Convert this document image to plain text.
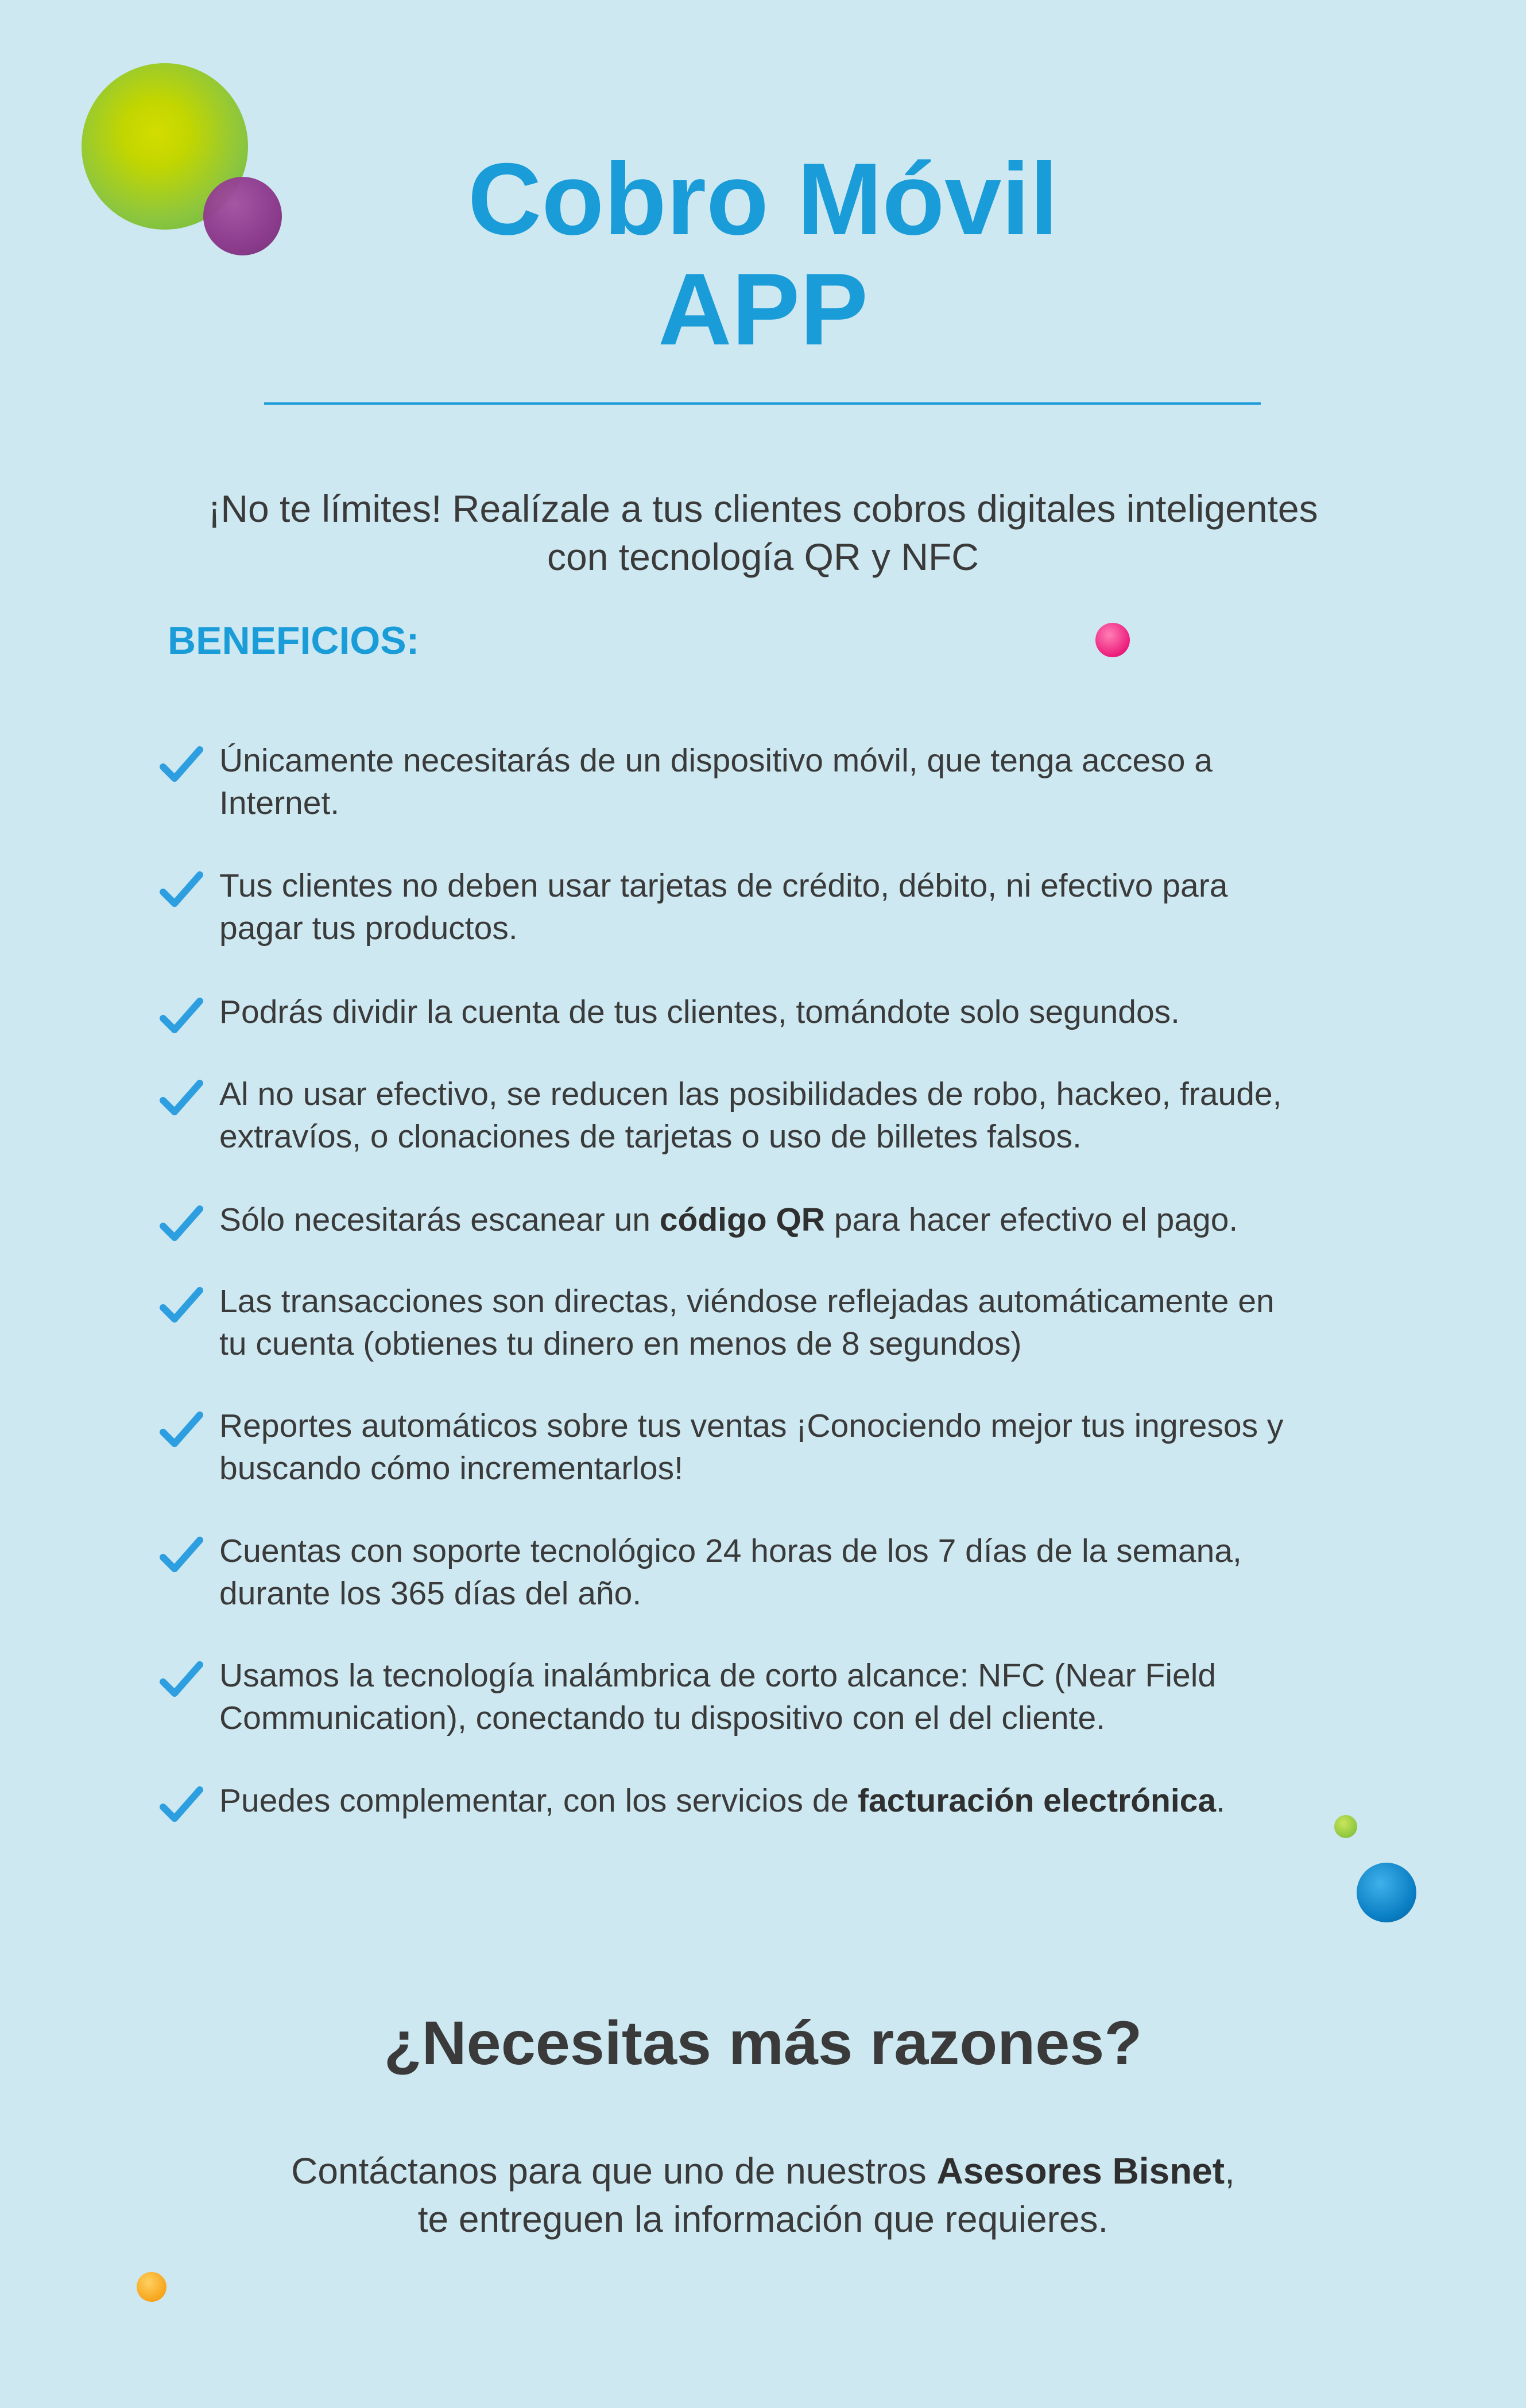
Cobro Móvil
APP
¡No te límites! Realízale a tus clientes cobros digitales inteligentes
con tecnología QR y NFC
BENEFICIOS:
Únicamente necesitarás de un dispositivo móvil, que tenga acceso a
Internet.
Tus clientes no deben usar tarjetas de crédito, débito, ni efectivo para
pagar tus productos.
Podrás dividir la cuenta de tus clientes, tomándote solo segundos.
Al no usar efectivo, se reducen las posibilidades de robo, hackeo, fraude,
extravíos, o clonaciones de tarjetas o uso de billetes falsos.
Sólo necesitarás escanear un código QR para hacer efectivo el pago.
Las transacciones son directas, viéndose reflejadas automáticamente en
tu cuenta (obtienes tu dinero en menos de 8 segundos)
Reportes automáticos sobre tus ventas ¡Conociendo mejor tus ingresos y
buscando cómo incrementarlos!
Cuentas con soporte tecnológico 24 horas de los 7 días de la semana,
durante los 365 días del año.
Usamos la tecnología inalámbrica de corto alcance: NFC (Near Field
Communication), conectando tu dispositivo con el del cliente.
Puedes complementar, con los servicios de facturación electrónica.
¿Necesitas más razones?
Contáctanos para que uno de nuestros Asesores Bisnet,
te entreguen la información que requieres.
